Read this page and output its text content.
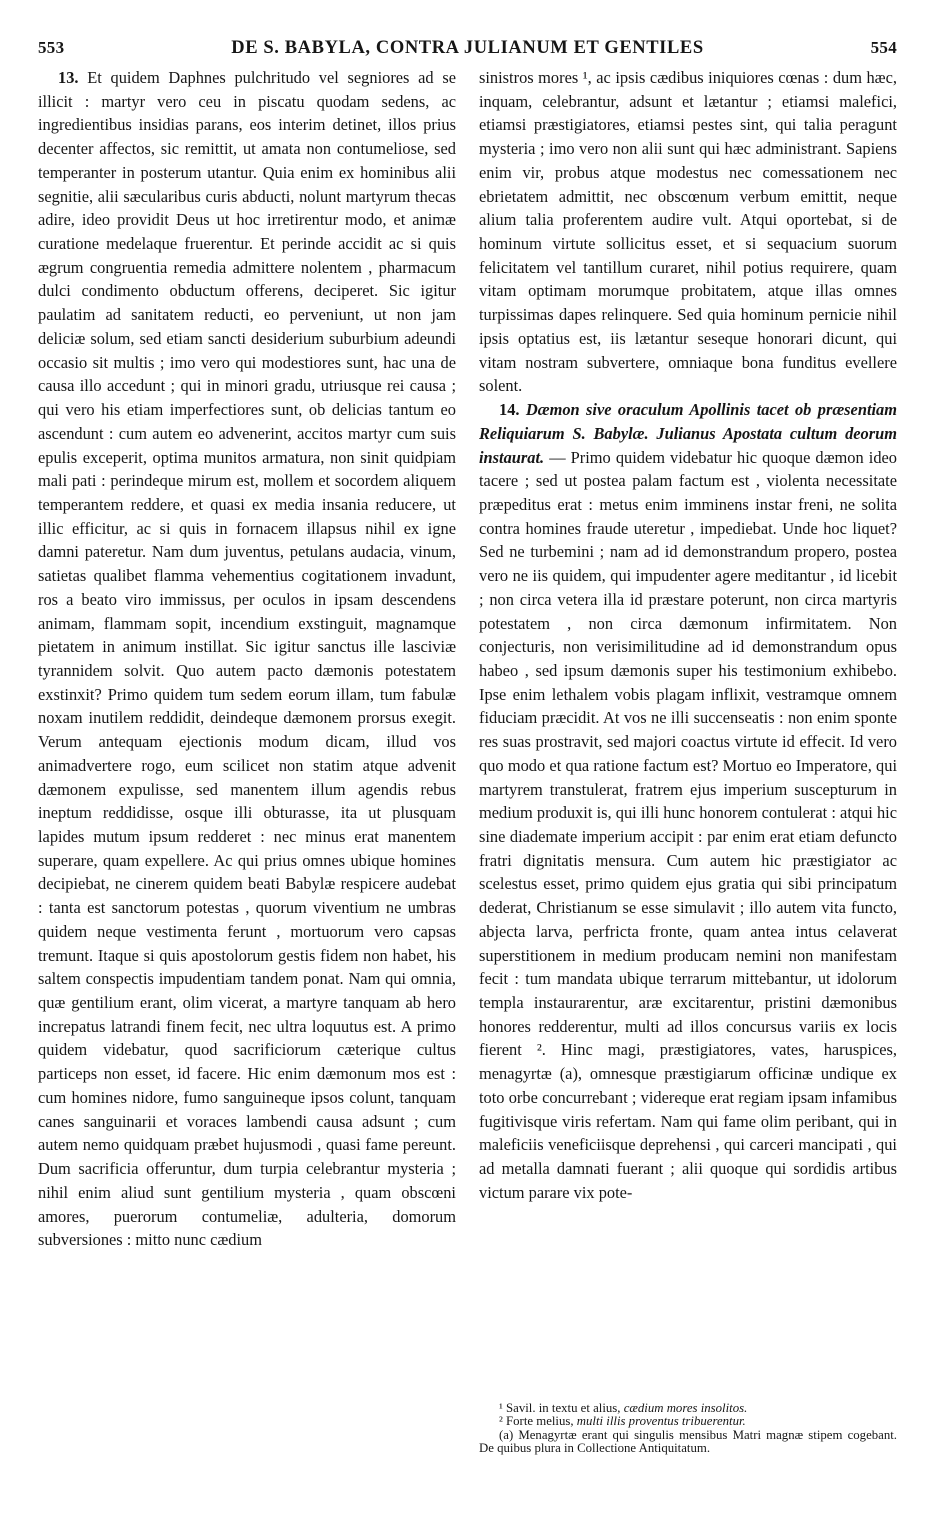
553	DE S. BABYLA, CONTRA JULIANUM ET GENTILES	554

13. Et quidem Daphnes pulchritudo vel segniores ad se illicit : martyr vero ceu in piscatu quodam sedens, ac ingredientibus insidias parans, eos interim detinet, illos prius decenter affectos, sic remittit, ut amata non contumeliose, sed temperanter in posterum utantur. Quia enim ex hominibus alii segnitie, alii sæcularibus curis abducti, nolunt martyrum thecas adire, ideo providit Deus ut hoc irretirentur modo, et animæ curatione medelaque fruerentur. Et perinde accidit ac si quis ægrum congruentia remedia admittere nolentem , pharmacum dulci condimento obductum offerens, deciperet. Sic igitur paulatim ad sanitatem reducti, eo perveniunt, ut non jam deliciæ solum, sed etiam sancti desiderium suburbium adeundi occasio sit multis ; imo vero qui modestiores sunt, hac una de causa illo accedunt ; qui in minori gradu, utriusque rei causa ; qui vero his etiam imperfectiores sunt, ob delicias tantum eo ascendunt : cum autem eo advenerint, accitos martyr cum suis epulis exceperit, optima munitos armatura, non sinit quidpiam mali pati : perindeque mirum est, mollem et socordem aliquem temperantem reddere, et quasi ex media insania reducere, ut illic efficitur, ac si quis in fornacem illapsus nihil ex igne damni pateretur. Nam dum juventus, petulans audacia, vinum, satietas qualibet flamma vehementius cogitationem invadunt, ros a beato viro immissus, per oculos in ipsam descendens animam, flammam sopit, incendium exstinguit, magnamque pietatem in animum instillat. Sic igitur sanctus ille lasciviæ tyrannidem solvit. Quo autem pacto dæmonis potestatem exstinxit? Primo quidem tum sedem eorum illam, tum fabulæ noxam inutilem reddidit, deindeque dæmonem prorsus exegit. Verum antequam ejectionis modum dicam, illud vos animadvertere rogo, eum scilicet non statim atque advenit dæmonem expulisse, sed manentem illum agendis rebus ineptum reddidisse, osque illi obturasse, ita ut plusquam lapides mutum ipsum redderet : nec minus erat manentem superare, quam expellere. Ac qui prius omnes ubique homines decipiebat, ne cinerem quidem beati Babylæ respicere audebat : tanta est sanctorum potestas , quorum viventium ne umbras quidem neque vestimenta ferunt , mortuorum vero capsas tremunt. Itaque si quis apostolorum gestis fidem non habet, his saltem conspectis impudentiam tandem ponat. Nam qui omnia, quæ gentilium erant, olim vicerat, a martyre tanquam ab hero increpatus latrandi finem fecit, nec ultra loquutus est. A primo quidem videbatur, quod sacrificiorum cæterique cultus particeps non esset, id facere. Hic enim dæmonum mos est : cum homines nidore, fumo sanguineque ipsos colunt, tanquam canes sanguinarii et voraces lambendi causa adsunt ; cum autem nemo quidquam præbet hujusmodi , quasi fame pereunt. Dum sacrificia offeruntur, dum turpia celebrantur mysteria ; nihil enim aliud sunt gentilium mysteria , quam obscœni amores, puerorum contumeliæ, adulteria, domorum subversiones : mitto nunc cædium

sinistros mores ¹, ac ipsis cædibus iniquiores cœnas : dum hæc, inquam, celebrantur, adsunt et lætantur ; etiamsi malefici, etiamsi præstigiatores, etiamsi pestes sint, qui talia peragunt mysteria ; imo vero non alii sunt qui hæc administrant. Sapiens enim vir, probus atque modestus nec comessationem nec ebrietatem admittit, nec obscœnum verbum emittit, neque alium talia proferentem audire vult. Atqui oportebat, si de hominum virtute sollicitus esset, et si sequacium suorum felicitatem vel tantillum curaret, nihil potius requirere, quam vitam optimam morumque probitatem, atque illas omnes turpissimas dapes relinquere. Sed quia hominum pernicie nihil ipsis optatius est, iis lætantur seseque honorari dicunt, qui vitam nostram subvertere, omniaque bona funditus evellere solent.

14. Dæmon sive oraculum Apollinis tacet ob præsentiam Reliquiarum S. Babylæ. Julianus Apostata cultum deorum instaurat. — Primo quidem videbatur hic quoque dæmon ideo tacere ; sed ut postea palam factum est , violenta necessitate præpeditus erat : metus enim imminens instar freni, ne solita contra homines fraude uteretur , impediebat. Unde hoc liquet? Sed ne turbemini ; nam ad id demonstrandum propero, postea vero ne iis quidem, qui impudenter agere meditantur , id licebit ; non circa vetera illa id præstare poterunt, non circa martyris potestatem , non circa dæmonum infirmitatem. Non conjecturis, non verisimilitudine ad id demonstrandum opus habeo , sed ipsum dæmonis super his testimonium exhibebo. Ipse enim lethalem vobis plagam inflixit, vestramque omnem fiduciam præcidit. At vos ne illi succenseatis : non enim sponte res suas prostravit, sed majori coactus virtute id effecit. Id vero quo modo et qua ratione factum est? Mortuo eo Imperatore, qui martyrem transtulerat, fratrem ejus imperium suscepturum in medium produxit is, qui illi hunc honorem contulerat : atqui hic sine diademate imperium accipit : par enim erat etiam defuncto fratri dignitatis mensura. Cum autem hic præstigiator ac scelestus esset, primo quidem ejus gratia qui sibi principatum dederat, Christianum se esse simulavit ; illo autem vita functo, abjecta larva, perfricta fronte, quam antea intus celaverat superstitionem in medium producam nemini non manifestam fecit : tum mandata ubique terrarum mittebantur, ut idolorum templa instaurarentur, aræ excitarentur, pristini dæmonibus honores redderentur, multi ad illos concursus variis ex locis fierent ². Hinc magi, præstigiatores, vates, haruspices, menagyrtæ (a), omnesque præstigiarum officinæ undique ex toto orbe concurrebant ; videreque erat regiam ipsam infamibus fugitivisque viris refertam. Nam qui fame olim peribant, qui in maleficiis veneficiisque deprehensi , qui carceri mancipati , qui ad metalla damnati fuerant ; alii quoque qui sordidis artibus victum parare vix pote-

¹ Savil. in textu et alius, cædium mores insolitos.

² Forte melius, multi illis proventus tribuerentur.

(a) Menagyrtæ erant qui singulis mensibus Matri magnæ stipem cogebant. De quibus plura in Collectione Antiquitatum.
